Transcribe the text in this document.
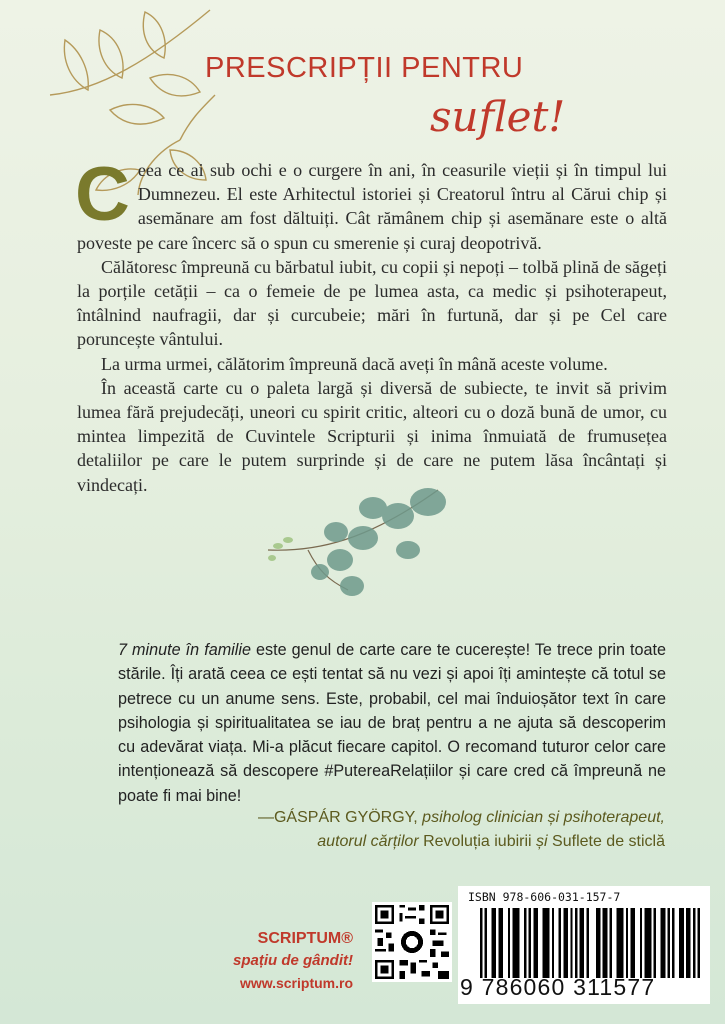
PRESCRIPȚII PENTRU
suflet!

Ceea ce ai sub ochi e o curgere în ani, în ceasurile vieții și în timpul lui Dumnezeu. El este Arhitectul istoriei și Creatorul întru al Cărui chip și asemănare am fost dăltuiți. Cât rămânem chip și asemănare este o altă poveste pe care încerc să o spun cu smerenie și curaj deopotrivă.

Călătoresc împreună cu bărbatul iubit, cu copii și nepoți – tolbă plină de săgeți la porțile cetății – ca o femeie de pe lumea asta, ca medic și psihoterapeut, întâlnind naufragii, dar și curcubeie; mări în furtună, dar și pe Cel care poruncește vântului.

La urma urmei, călătorim împreună dacă aveți în mână aceste volume.

În această carte cu o paleta largă și diversă de subiecte, te invit să privim lumea fără prejudecăți, uneori cu spirit critic, alteori cu o doză bună de umor, cu mintea limpezită de Cuvintele Scripturii și inima înmuiată de frumusețea detaliilor pe care le putem surprinde și de care ne putem lăsa încântați și vindecați.

7 minute în familie este genul de carte care te cucerește! Te trece prin toate stările. Îți arată ceea ce ești tentat să nu vezi și apoi îți amintește că totul se petrece cu un anume sens. Este, probabil, cel mai înduioșător text în care psihologia și spiritualitatea se iau de braț pentru a ne ajuta să descoperim cu adevărat viața. Mi-a plăcut fiecare capitol. O recomand tuturor celor care intenționează să descopere #PutereaRelațiilor și care cred că împreună ne poate fi mai bine!

—GÁSPÁR GYÖRGY, psiholog clinician și psihoterapeut,
autorul cărților Revoluția iubirii și Suflete de sticlă
SCRIPTUM®
spațiu de gândit!
www.scriptum.ro
ISBN 978-606-031-157-7
9 786060 311577
